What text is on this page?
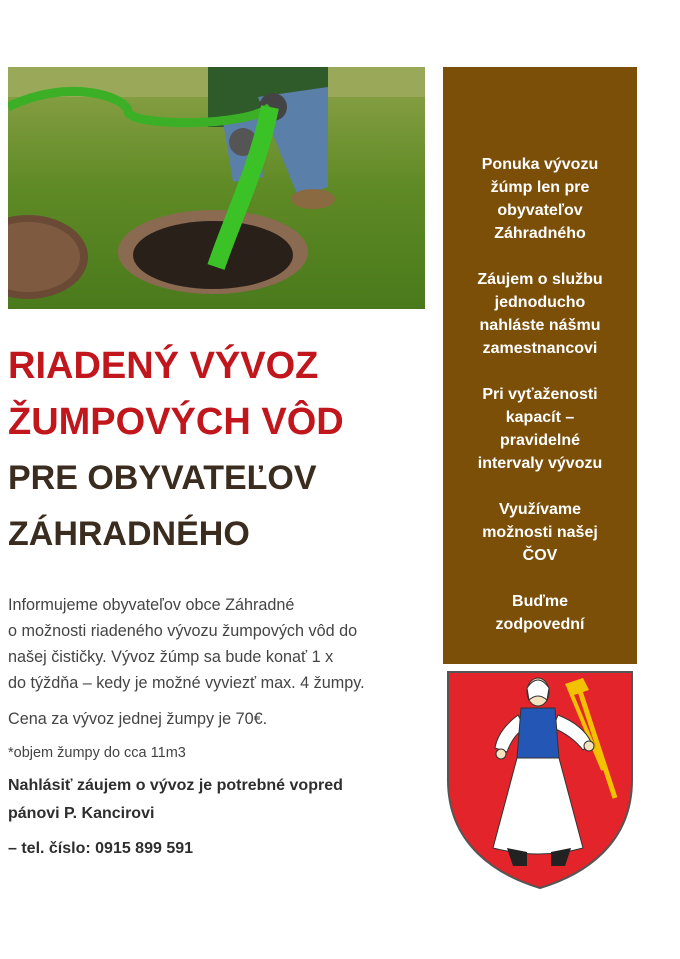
RIADENÝ VÝVOZ

ŽUMPOVÝCH VÔD

PRE OBYVATEĽOV

ZÁHRADNÉHO

Informujeme obyvateľov obce Záhradné
o možnosti riadeného vývozu žumpových vôd do
našej čističky. Vývoz žúmp sa bude konať 1 x
do týždňa – kedy je možné vyviezť max. 4 žumpy.

Cena za vývoz jednej žumpy je 70€.

*objem žumpy do cca 11m3

Nahlásiť záujem o vývoz je potrebné vopred
pánovi P. Kancirovi

– tel. číslo: 0915 899 591

Ponuka vývozu
žúmp len pre
obyvateľov
Záhradného

Záujem o službu
jednoducho
nahláste nášmu
zamestnancovi

Pri vyťaženosti
kapacít –
pravidelné
intervaly vývozu

Využívame
možnosti našej
ČOV

Buďme
zodpovední
